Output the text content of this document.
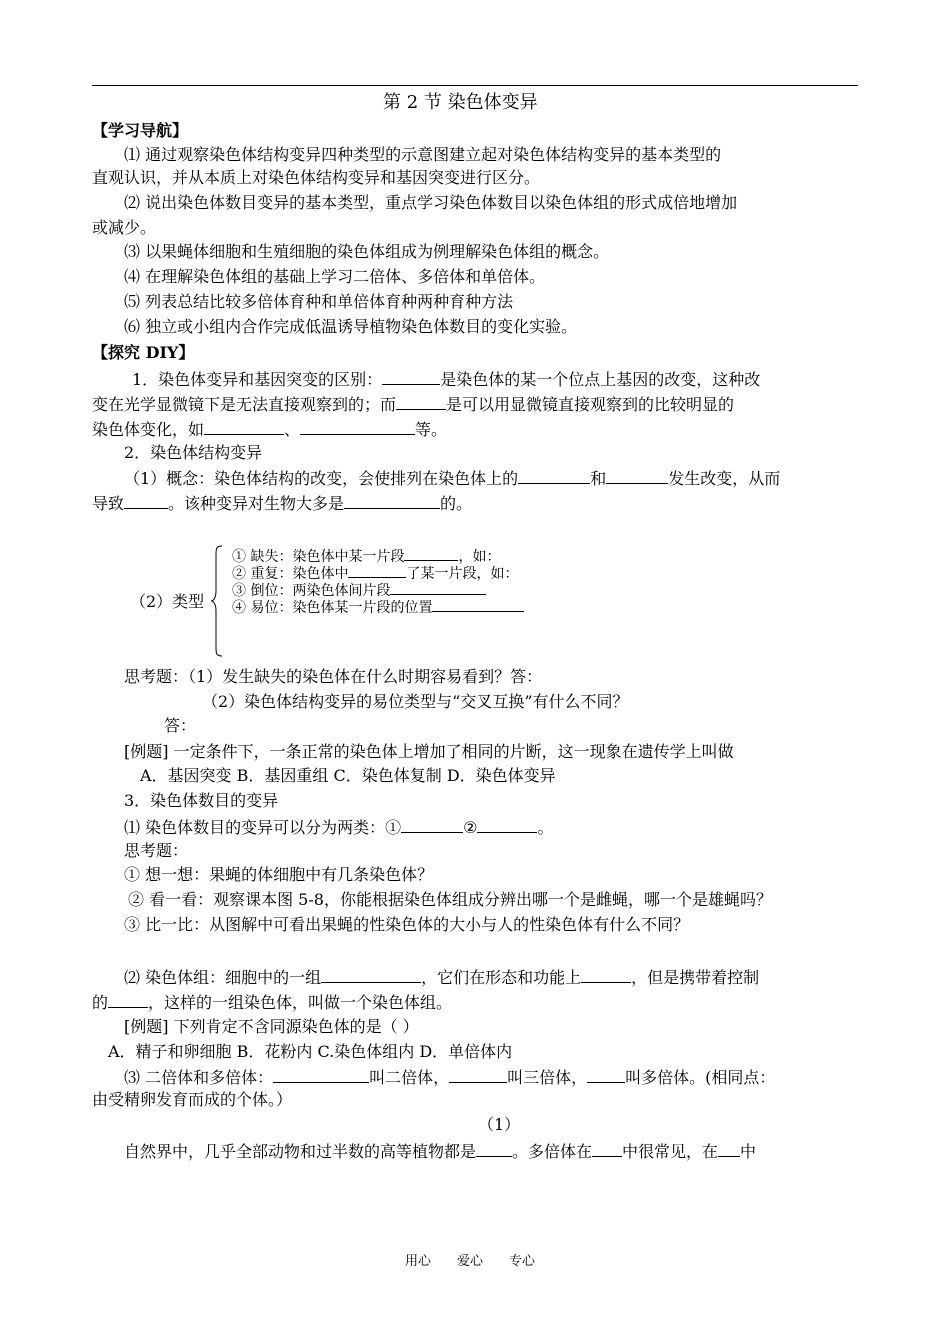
第 2 节 染色体变异
【学习导航】
⑴ 通过观察染色体结构变异四种类型的示意图建立起对染色体结构变异的基本类型的
直观认识，并从本质上对染色体结构变异和基因突变进行区分。
⑵ 说出染色体数目变异的基本类型，重点学习染色体数目以染色体组的形式成倍地增加
或减少。
⑶ 以果蝇体细胞和生殖细胞的染色体组成为例理解染色体组的概念。
⑷ 在理解染色体组的基础上学习二倍体、多倍体和单倍体。
⑸ 列表总结比较多倍体育种和单倍体育种两种育种方法
⑹ 独立或小组内合作完成低温诱导植物染色体数目的变化实验。
【探究 DIY】
1．染色体变异和基因突变的区别：	是染色体的某一个位点上基因的改变，这种改
变在光学显微镜下是无法直接观察到的；而	是可以用显微镜直接观察到的比较明显的
染色体变化，如	、	等。
2．染色体结构变异
（1）概念：染色体结构的改变，会使排列在染色体上的	和	发生改变，从而
导致	。该种变异对生物大多是	的。
（2）类型
① 缺失：染色体中某一片段	，如：
② 重复：染色体中	了某一片段，如：
③ 倒位：两染色体间片段
④ 易位：染色体某一片段的位置
思考题：（1）发生缺失的染色体在什么时期容易看到？答：
（2）染色体结构变异的易位类型与“交叉互换”有什么不同？
答：
[例题] 一定条件下，一条正常的染色体上增加了相同的片断，这一现象在遗传学上叫做
A．基因突变 B．基因重组 C．染色体复制 D．染色体变异
3．染色体数目的变异
⑴ 染色体数目的变异可以分为两类：①	②	。
思考题：
① 想一想：果蝇的体细胞中有几条染色体？
② 看一看：观察课本图 5-8，你能根据染色体组成分辨出哪一个是雌蝇，哪一个是雄蝇吗？
③ 比一比：从图解中可看出果蝇的性染色体的大小与人的性染色体有什么不同？
⑵ 染色体组：细胞中的一组	，它们在形态和功能上	，但是携带着控制
的	，这样的一组染色体，叫做一个染色体组。
[例题] 下列肯定不含同源染色体的是（ ）
A．精子和卵细胞 B．花粉内 C.染色体组内 D．单倍体内
⑶ 二倍体和多倍体：	叫二倍体，	叫三倍体， 叫多倍体。(相同点：
由受精卵发育而成的个体。）
（1）
自然界中，几乎全部动物和过半数的高等植物都是 。多倍体在 中很常见，在 中
用心 爱心 专心
